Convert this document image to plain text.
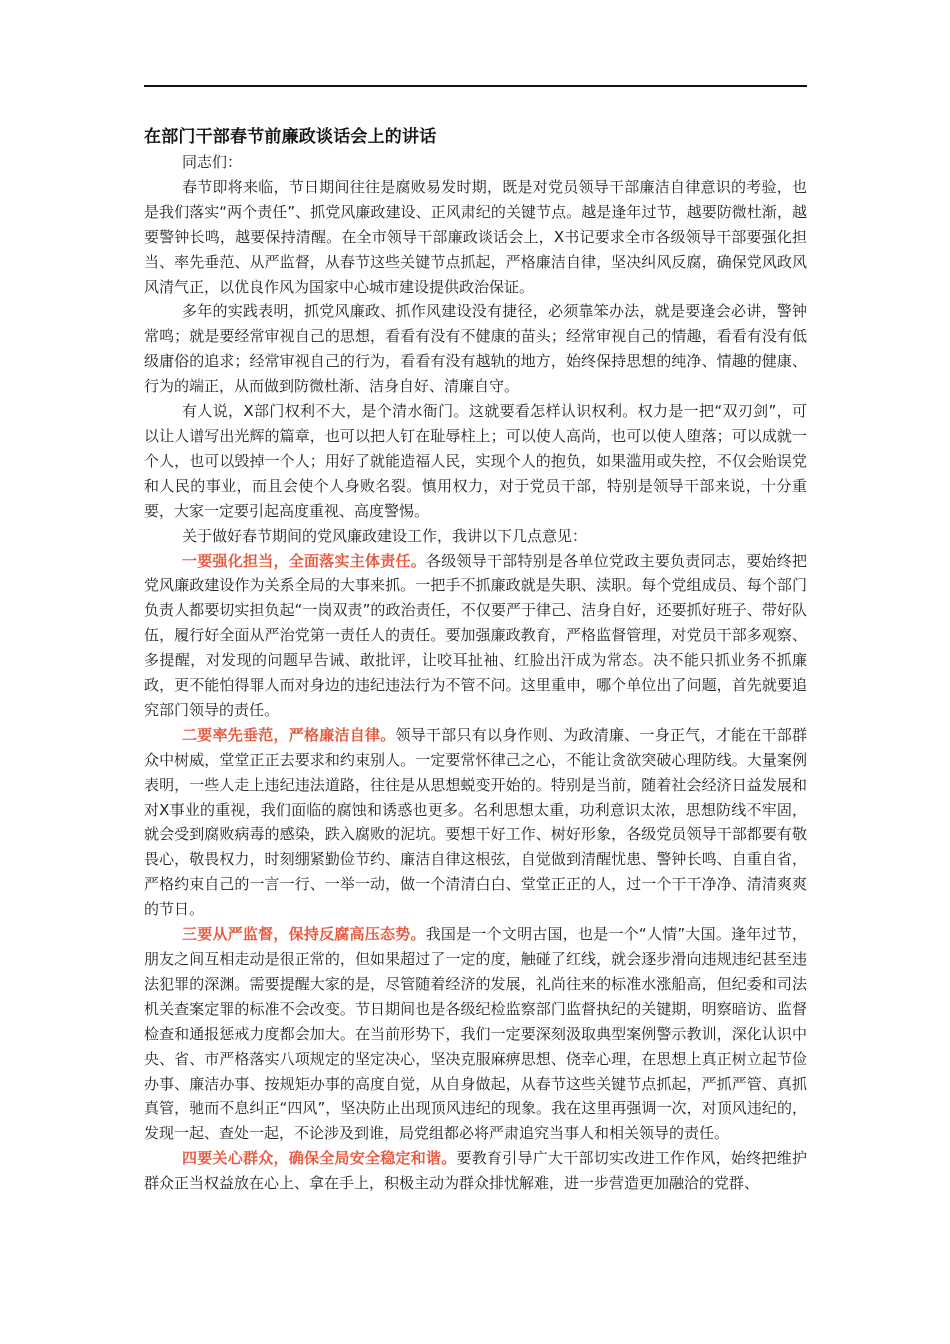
在部门干部春节前廉政谈话会上的讲话

同志们：

春节即将来临，节日期间往往是腐败易发时期，既是对党员领导干部廉洁自律意识的考验，也是我们落实“两个责任”、抓党风廉政建设、正风肃纪的关键节点。越是逢年过节，越要防微杜渐，越要警钟长鸣，越要保持清醒。在全市领导干部廉政谈话会上，X书记要求全市各级领导干部要强化担当、率先垂范、从严监督，从春节这些关键节点抓起，严格廉洁自律，坚决纠风反腐，确保党风政风风清气正，以优良作风为国家中心城市建设提供政治保证。

多年的实践表明，抓党风廉政、抓作风建设没有捷径，必须靠笨办法，就是要逢会必讲，警钟常鸣；就是要经常审视自己的思想，看看有没有不健康的苗头；经常审视自己的情趣，看看有没有低级庸俗的追求；经常审视自己的行为，看看有没有越轨的地方，始终保持思想的纯净、情趣的健康、行为的端正，从而做到防微杜渐、洁身自好、清廉自守。

有人说，X部门权利不大，是个清水衙门。这就要看怎样认识权利。权力是一把“双刃剑”，可以让人谱写出光辉的篇章，也可以把人钉在耻辱柱上；可以使人高尚，也可以使人堕落；可以成就一个人，也可以毁掉一个人；用好了就能造福人民，实现个人的抱负，如果滥用或失控，不仅会贻误党和人民的事业，而且会使个人身败名裂。慎用权力，对于党员干部，特别是领导干部来说，十分重要，大家一定要引起高度重视、高度警惕。

关于做好春节期间的党风廉政建设工作，我讲以下几点意见：

一要强化担当，全面落实主体责任。各级领导干部特别是各单位党政主要负责同志，要始终把党风廉政建设作为关系全局的大事来抓。一把手不抓廉政就是失职、渎职。每个党组成员、每个部门负责人都要切实担负起“一岗双责”的政治责任，不仅要严于律己、洁身自好，还要抓好班子、带好队伍，履行好全面从严治党第一责任人的责任。要加强廉政教育，严格监督管理，对党员干部多观察、多提醒，对发现的问题早告诫、敢批评，让咬耳扯袖、红脸出汗成为常态。决不能只抓业务不抓廉政，更不能怕得罪人而对身边的违纪违法行为不管不问。这里重申，哪个单位出了问题，首先就要追究部门领导的责任。

二要率先垂范，严格廉洁自律。领导干部只有以身作则、为政清廉、一身正气，才能在干部群众中树威，堂堂正正去要求和约束别人。一定要常怀律己之心，不能让贪欲突破心理防线。大量案例表明，一些人走上违纪违法道路，往往是从思想蜕变开始的。特别是当前，随着社会经济日益发展和对X事业的重视，我们面临的腐蚀和诱惑也更多。名利思想太重，功利意识太浓，思想防线不牢固，就会受到腐败病毒的感染，跌入腐败的泥坑。要想干好工作、树好形象，各级党员领导干部都要有敬畏心，敬畏权力，时刻绷紧勤俭节约、廉洁自律这根弦，自觉做到清醒忧患、警钟长鸣、自重自省，严格约束自己的一言一行、一举一动，做一个清清白白、堂堂正正的人，过一个干干净净、清清爽爽的节日。

三要从严监督，保持反腐高压态势。我国是一个文明古国，也是一个“人情”大国。逢年过节，朋友之间互相走动是很正常的，但如果超过了一定的度，触碰了红线，就会逐步滑向违规违纪甚至违法犯罪的深渊。需要提醒大家的是，尽管随着经济的发展，礼尚往来的标准水涨船高，但纪委和司法机关查案定罪的标准不会改变。节日期间也是各级纪检监察部门监督执纪的关键期，明察暗访、监督检查和通报惩戒力度都会加大。在当前形势下，我们一定要深刻汲取典型案例警示教训，深化认识中央、省、市严格落实八项规定的坚定决心，坚决克服麻痹思想、侥幸心理，在思想上真正树立起节俭办事、廉洁办事、按规矩办事的高度自觉，从自身做起，从春节这些关键节点抓起，严抓严管、真抓真管，驰而不息纠正“四风”，坚决防止出现顶风违纪的现象。我在这里再强调一次，对顶风违纪的，发现一起、查处一起，不论涉及到谁，局党组都必将严肃追究当事人和相关领导的责任。

四要关心群众，确保全局安全稳定和谐。要教育引导广大干部切实改进工作作风，始终把维护群众正当权益放在心上、拿在手上，积极主动为群众排忧解难，进一步营造更加融洽的党群、
